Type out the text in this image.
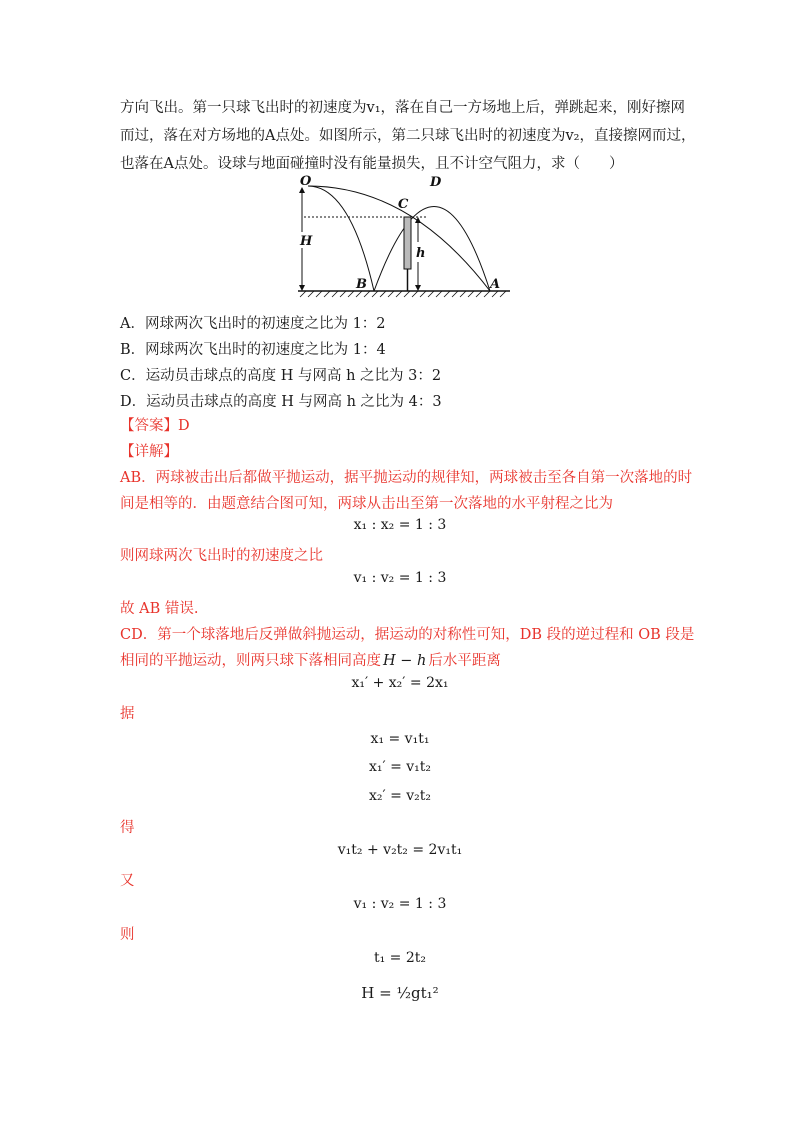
方向飞出。第一只球飞出时的初速度为v₁，落在自己一方场地上后，弹跳起来，刚好擦网
而过，落在对方场地的A点处。如图所示，第二只球飞出时的初速度为v₂，直接擦网而过，
也落在A点处。设球与地面碰撞时没有能量损失，且不计空气阻力，求（　　）
O	D
C
H
h
B	A
A．网球两次飞出时的初速度之比为 1：2
B．网球两次飞出时的初速度之比为 1：4
C．运动员击球点的高度 H 与网高 h 之比为 3：2
D．运动员击球点的高度 H 与网高 h 之比为 4：3
【答案】D
【详解】
AB．两球被击出后都做平抛运动，据平抛运动的规律知，两球被击至各自第一次落地的时
间是相等的．由题意结合图可知，两球从击出至第一次落地的水平射程之比为
x₁ : x₂ = 1 : 3
则网球两次飞出时的初速度之比
v₁ : v₂ = 1 : 3
故 AB 错误.
CD．第一个球落地后反弹做斜抛运动，据运动的对称性可知，DB 段的逆过程和 OB 段是
相同的平抛运动，则两只球下落相同高度 H − h 后水平距离
x₁′ + x₂′ = 2x₁
据
x₁ = v₁t₁
x₁′ = v₁t₂
x₂′ = v₂t₂
得
v₁t₂ + v₂t₂ = 2v₁t₁
又
v₁ : v₂ = 1 : 3
则
t₁ = 2t₂
H = ½gt₁²
